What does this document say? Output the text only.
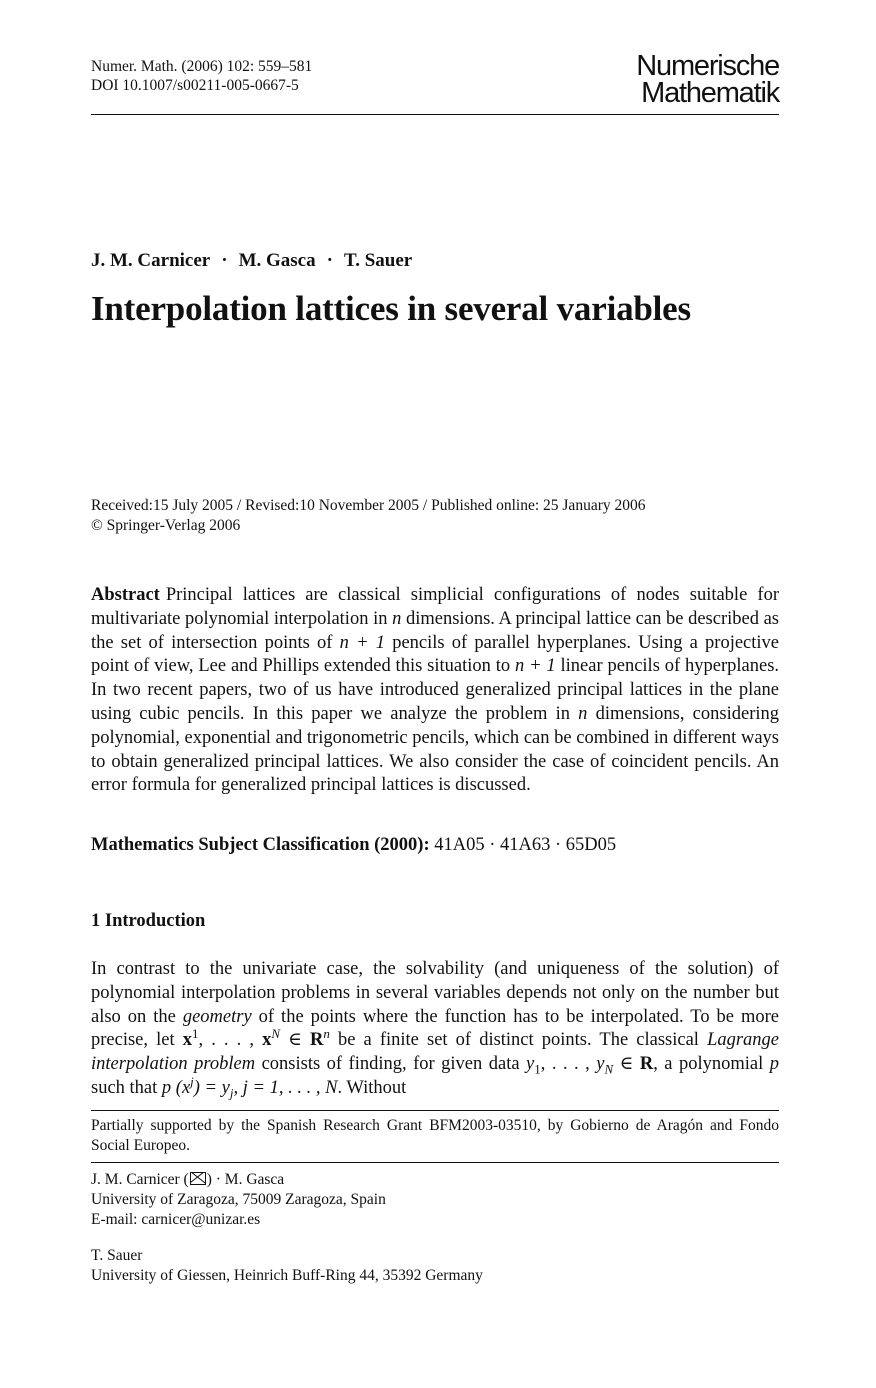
Numer. Math. (2006) 102: 559–581
DOI 10.1007/s00211-005-0667-5
Numerische
Mathematik
J. M. Carnicer · M. Gasca · T. Sauer
Interpolation lattices in several variables
Received:15 July 2005 / Revised:10 November 2005 / Published online: 25 January 2006
© Springer-Verlag 2006

Abstract Principal lattices are classical simplicial configurations of nodes suitable for multivariate polynomial interpolation in n dimensions. A principal lattice can be described as the set of intersection points of n + 1 pencils of parallel hyperplanes. Using a projective point of view, Lee and Phillips extended this situation to n + 1 linear pencils of hyperplanes. In two recent papers, two of us have introduced generalized principal lattices in the plane using cubic pencils. In this paper we analyze the problem in n dimensions, considering polynomial, exponential and trigonometric pencils, which can be combined in different ways to obtain generalized principal lattices. We also consider the case of coincident pencils. An error formula for generalized principal lattices is discussed.

Mathematics Subject Classification (2000): 41A05 · 41A63 · 65D05
1 Introduction

In contrast to the univariate case, the solvability (and uniqueness of the solution) of polynomial interpolation problems in several variables depends not only on the number but also on the geometry of the points where the function has to be interpolated. To be more precise, let $x^1$, . . . , $x^N$ ∈ $R^n$ be a finite set of distinct points. The classical Lagrange interpolation problem consists of finding, for given data $y_1$, . . . , $y_N$ ∈ R, a polynomial p such that p $(x^j) = y_j$, j = 1, . . . , N. Without

Partially supported by the Spanish Research Grant BFM2003-03510, by Gobierno de Aragón and Fondo Social Europeo.
J. M. Carnicer ( ) · M. Gasca
University of Zaragoza, 75009 Zaragoza, Spain
E-mail: carnicer@unizar.es
T. Sauer
University of Giessen, Heinrich Buff-Ring 44, 35392 Germany
